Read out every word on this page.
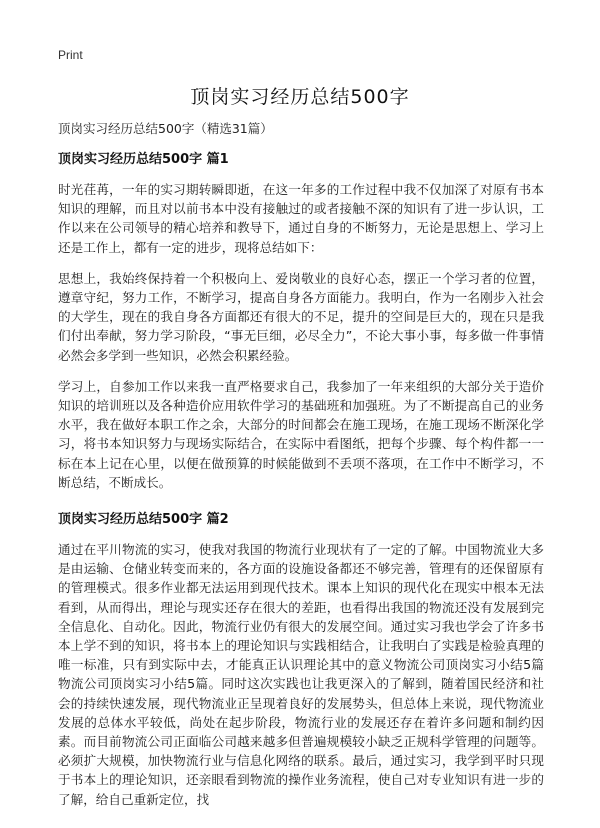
Print
顶岗实习经历总结500字
顶岗实习经历总结500字（精选31篇）
顶岗实习经历总结500字 篇1

时光荏苒，一年的实习期转瞬即逝，在这一年多的工作过程中我不仅加深了对原有书本知识的理解，而且对以前书本中没有接触过的或者接触不深的知识有了进一步认识，工作以来在公司领导的精心培养和教导下，通过自身的不断努力，无论是思想上、学习上还是工作上，都有一定的进步，现将总结如下：

思想上，我始终保持着一个积极向上、爱岗敬业的良好心态，摆正一个学习者的位置，遵章守纪，努力工作，不断学习，提高自身各方面能力。我明白，作为一名刚步入社会的大学生，现在的我自身各方面都还有很大的不足，提升的空间是巨大的，现在只是我们付出奉献，努力学习阶段，“事无巨细，必尽全力”，不论大事小事，每多做一件事情必然会多学到一些知识，必然会积累经验。

学习上，自参加工作以来我一直严格要求自己，我参加了一年来组织的大部分关于造价知识的培训班以及各种造价应用软件学习的基础班和加强班。为了不断提高自己的业务水平，我在做好本职工作之余，大部分的时间都会在施工现场，在施工现场不断深化学习，将书本知识努力与现场实际结合，在实际中看图纸，把每个步骤、每个构件都一一标在本上记在心里，以便在做预算的时候能做到不丢项不落项，在工作中不断学习，不断总结，不断成长。

顶岗实习经历总结500字 篇2

通过在平川物流的实习，使我对我国的物流行业现状有了一定的了解。中国物流业大多是由运输、仓储业转变而来的，各方面的设施设备都还不够完善，管理有的还保留原有的管理模式。很多作业都无法运用到现代技术。课本上知识的现代化在现实中根本无法看到，从而得出，理论与现实还存在很大的差距，也看得出我国的物流还没有发展到完全信息化、自动化。因此，物流行业仍有很大的发展空间。通过实习我也学会了许多书本上学不到的知识，将书本上的理论知识与实践相结合，让我明白了实践是检验真理的唯一标准，只有到实际中去，才能真正认识理论其中的意义物流公司顶岗实习小结5篇物流公司顶岗实习小结5篇。同时这次实践也让我更深入的了解到，随着国民经济和社会的持续快速发展，现代物流业正呈现着良好的发展势头，但总体上来说，现代物流业发展的总体水平较低，尚处在起步阶段，物流行业的发展还存在着许多问题和制约因素。而目前物流公司正面临公司越来越多但普遍规模较小缺乏正规科学管理的问题等。必须扩大规模，加快物流行业与信息化网络的联系。最后，通过实习，我学到平时只现于书本上的理论知识，还亲眼看到物流的操作业务流程，使自己对专业知识有进一步的了解，给自己重新定位，找
